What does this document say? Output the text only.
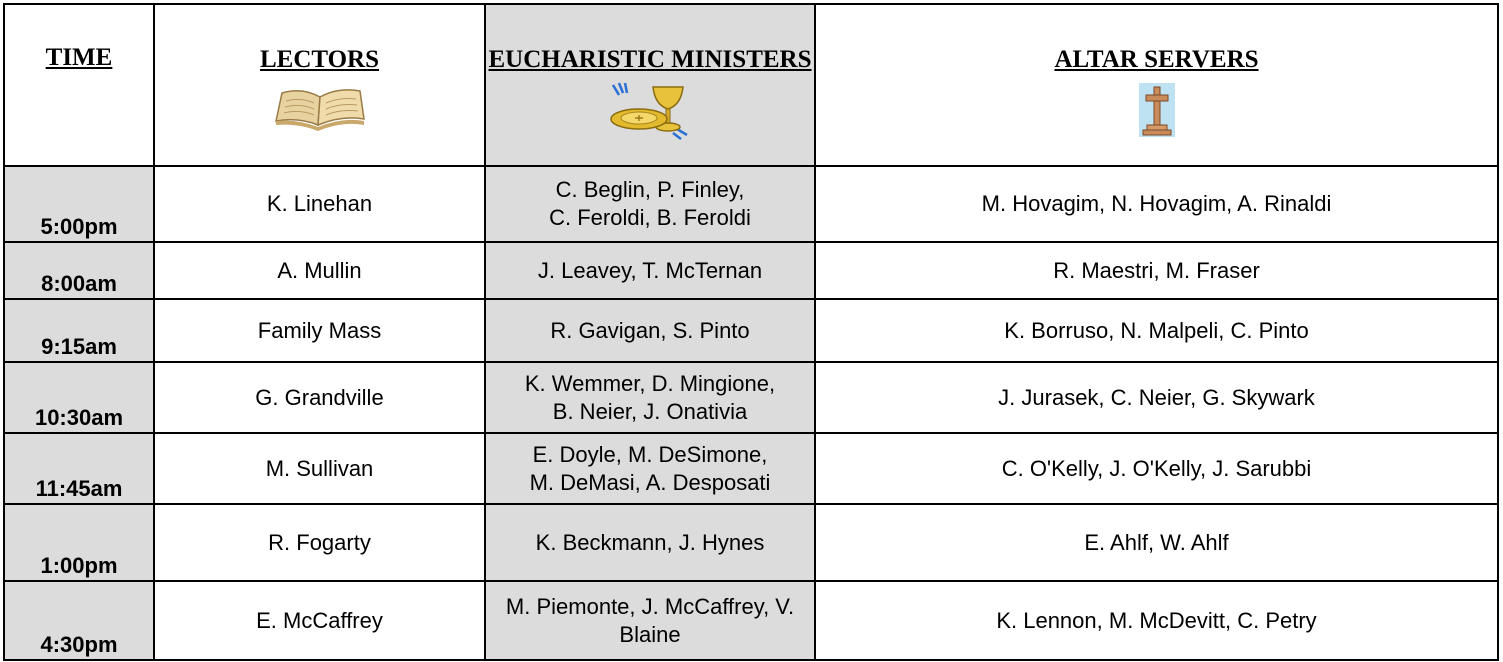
TIME	LECTORS	EUCHARISTIC MINISTERS	ALTAR SERVERS

5:00pm	K. Linehan	C. Beglin, P. Finley,
C. Feroldi, B. Feroldi	M. Hovagim, N. Hovagim, A. Rinaldi
8:00am	A. Mullin	J. Leavey, T. McTernan	R. Maestri, M. Fraser
9:15am	Family Mass	R. Gavigan, S. Pinto	K. Borruso, N. Malpeli, C. Pinto
10:30am	G. Grandville	K. Wemmer, D. Mingione,
B. Neier, J. Onativia	J. Jurasek, C. Neier, G. Skywark
11:45am	M. Sullivan	E. Doyle, M. DeSimone,
M. DeMasi, A. Desposati	C. O'Kelly, J. O'Kelly, J. Sarubbi
1:00pm	R. Fogarty	K. Beckmann, J. Hynes	E. Ahlf, W. Ahlf
4:30pm	E. McCaffrey	M. Piemonte, J. McCaffrey, V. Blaine	K. Lennon, M. McDevitt, C. Petry
